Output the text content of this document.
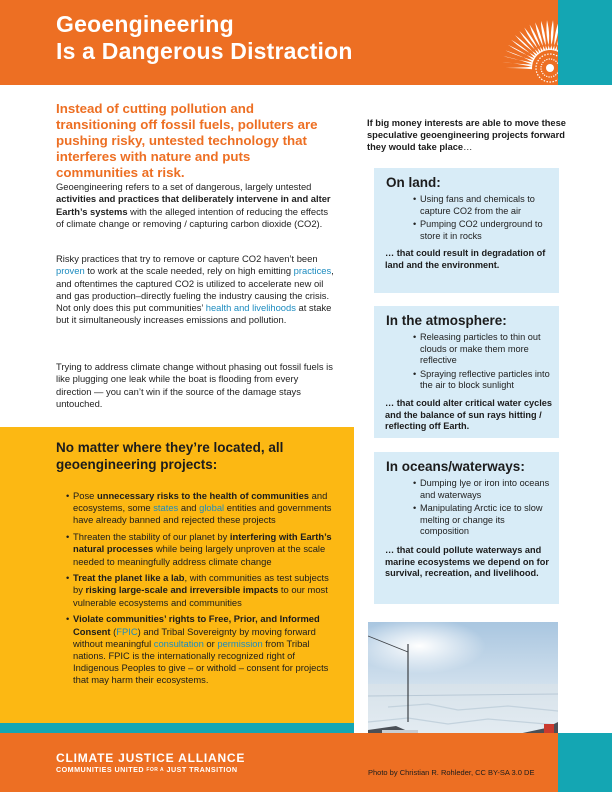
Geoengineering
Is a Dangerous Distraction
Instead of cutting pollution and transitioning off fossil fuels, polluters are pushing risky, untested technology that interferes with nature and puts communities at risk.
Geoengineering refers to a set of dangerous, largely untested activities and practices that deliberately intervene in and alter Earth’s systems with the alleged intention of reducing the effects of climate change or removing / capturing carbon dioxide (CO2).
Risky practices that try to remove or capture CO2 haven’t been proven to work at the scale needed, rely on high emitting practices, and oftentimes the captured CO2 is utilized to accelerate new oil and gas production–directly fueling the industry causing the crisis. Not only does this put communities’ health and livelihoods at stake but it simultaneously increases emissions and pollution.
Trying to address climate change without phasing out fossil fuels is like plugging one leak while the boat is flooding from every direction — you can’t win if the source of the damage stays untouched.
No matter where they’re located, all geoengineering projects:
• Pose unnecessary risks to the health of communities and ecosystems, some states and global entities and governments have already banned and rejected these projects
• Threaten the stability of our planet by interfering with Earth’s natural processes while being largely unproven at the scale needed to meaningfully address climate change
• Treat the planet like a lab, with communities as test subjects by risking large-scale and irreversible impacts to our most vulnerable ecosystems and communities
• Violate communities’ rights to Free, Prior, and Informed Consent (FPIC) and Tribal Sovereignty by moving forward without meaningful consultation or permission from Tribal nations. FPIC is the internationally recognized right of Indigenous Peoples to give – or withold – consent for projects that may harm their ecosystems.
If big money interests are able to move these speculative geoengineering projects forward they would take place…
On land:
• Using fans and chemicals to capture CO2 from the air
• Pumping CO2 underground to store it in rocks
… that could result in degradation of land and the environment.
In the atmosphere:
• Releasing particles to thin out clouds or make them more reflective
• Spraying reflective particles into the air to block sunlight
… that could alter critical water cycles and the balance of sun rays hitting / reflecting off Earth.
In oceans/waterways:
• Dumping lye or iron into oceans and waterways
• Manipulating Arctic ice to slow melting or change its composition
… that could pollute waterways and marine ecosystems we depend on for survival, recreation, and livelihood.
CLIMATE JUSTICE ALLIANCE
COMMUNITIES UNITED FOR A JUST TRANSITION	Photo by Christian R. Rohleder, CC BY-SA 3.0 DE
